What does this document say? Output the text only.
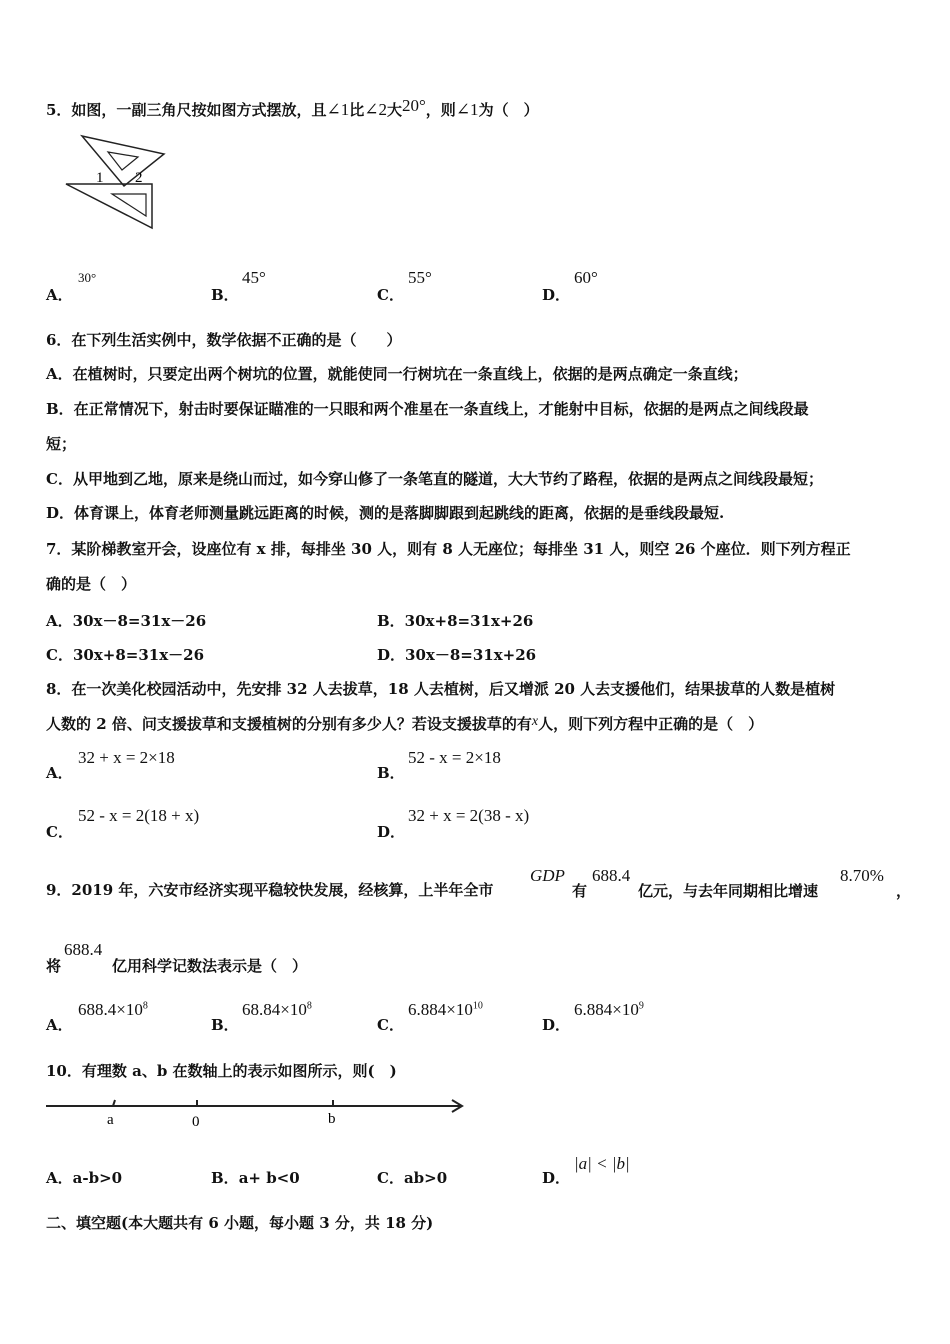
5．如图，一副三角尺按如图方式摆放，且∠1比∠2大20°，则∠1为（　）
1 2
A．
30°
B．
45°
C．
55°
D．
60°
6．在下列生活实例中，数学依据不正确的是（　　）
A．在植树时，只要定出两个树坑的位置，就能使同一行树坑在一条直线上，依据的是两点确定一条直线；
B．在正常情况下，射击时要保证瞄准的一只眼和两个准星在一条直线上，才能射中目标，依据的是两点之间线段最
短；
C．从甲地到乙地，原来是绕山而过，如今穿山修了一条笔直的隧道，大大节约了路程，依据的是两点之间线段最短；
D．体育课上，体育老师测量跳远距离的时候，测的是落脚脚跟到起跳线的距离，依据的是垂线段最短.
7．某阶梯教室开会，设座位有 x 排，每排坐 30 人，则有 8 人无座位；每排坐 31 人，则空 26 个座位．则下列方程正
确的是（　）
A．30x－8=31x－26	B．30x+8=31x+26
C．30x+8=31x－26	D．30x－8=31x+26
8．在一次美化校园活动中，先安排 32 人去拔草，18 人去植树，后又增派 20 人去支援他们，结果拔草的人数是植树
人数的 2 倍、问支援拔草和支援植树的分别有多少人？若设支援拔草的有x人，则下列方程中正确的是（　）
A．
32 + x = 2×18
B．
52 - x = 2×18
C．
52 - x = 2(18 + x)
D．
32 + x = 2(38 - x)
9．2019 年，六安市经济实现平稳较快发展，经核算，上半年全市
GDP
有
688.4
亿元，与去年同期相比增速
8.70%
，
将
688.4
亿用科学记数法表示是（　）
A．
$688.4\times 10^8$
B．
$68.84\times 10^8$
C．
$6.884\times 10^{10}$
D．
$6.884\times 10^9$
10．有理数 a、b 在数轴上的表示如图所示，则(　)
a	0	b
A．a-b>0	B．a+ b<0	C．ab>0	D．
|a| < |b|
二、填空题(本大题共有 6 小题，每小题 3 分，共 18 分)
